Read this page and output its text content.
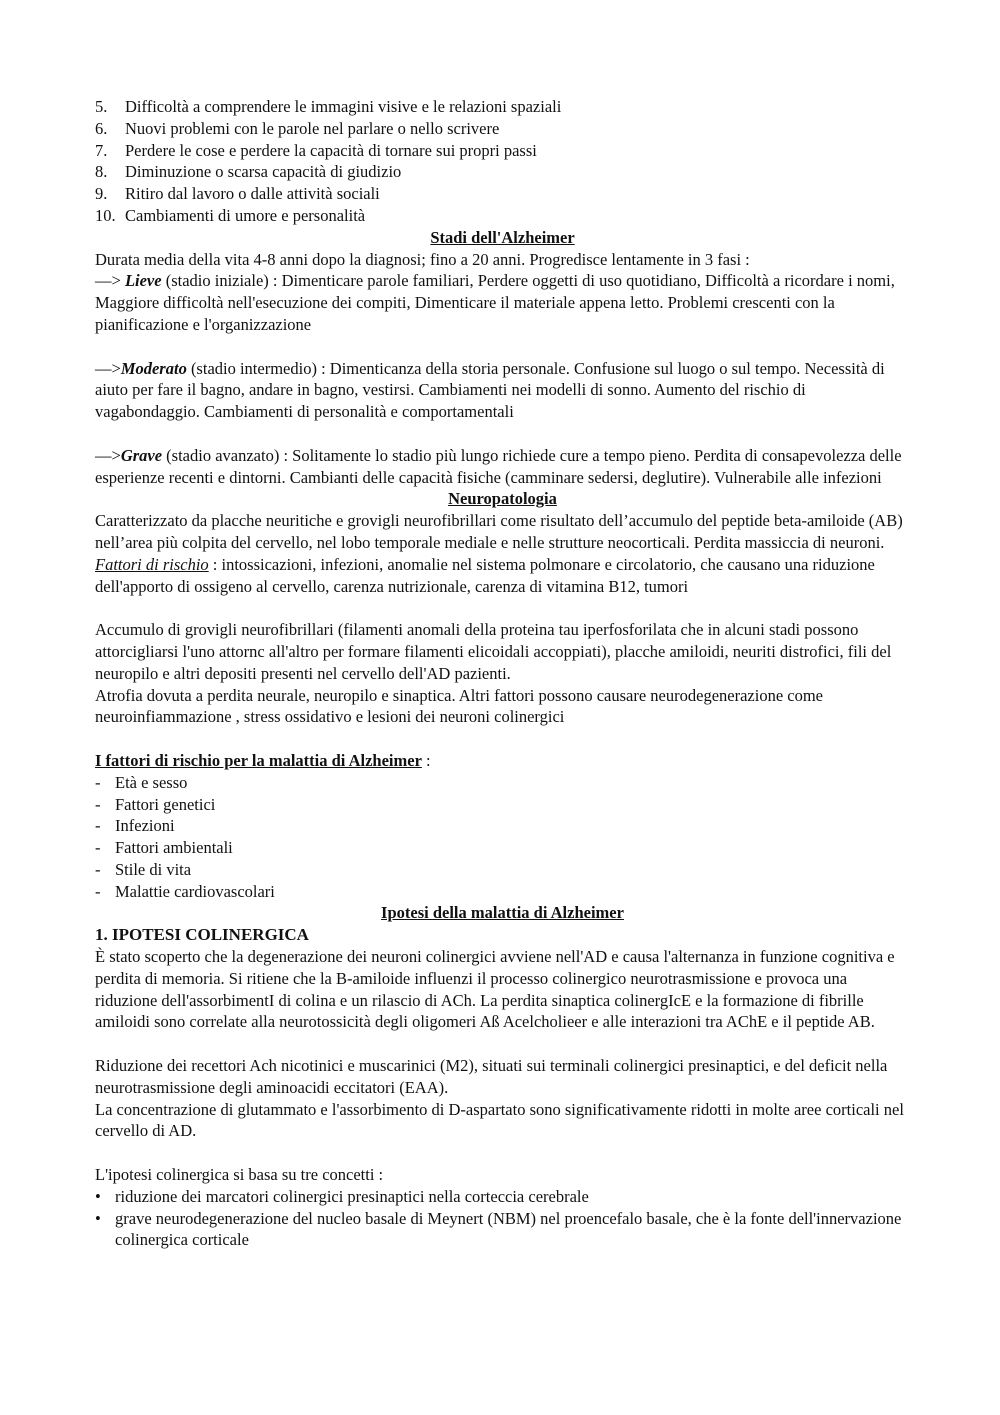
5.	Difficoltà a comprendere le immagini visive e le relazioni spaziali
6.	Nuovi problemi con le parole nel parlare o nello scrivere
7.	Perdere le cose e perdere la capacità di tornare sui propri passi
8.	Diminuzione o scarsa capacità di giudizio
9.	Ritiro dal lavoro o dalle attività sociali
10. Cambiamenti di umore e personalità

Stadi dell'Alzheimer

Durata media della vita 4-8 anni dopo la diagnosi; fino a 20 anni. Progredisce lentamente in 3 fasi :

—> Lieve (stadio iniziale) : Dimenticare parole familiari, Perdere oggetti di uso quotidiano, Difficoltà a ricordare i nomi, Maggiore difficoltà nell'esecuzione dei compiti, Dimenticare il materiale appena letto. Problemi crescenti con la pianificazione e l'organizzazione

—>Moderato (stadio intermedio) : Dimenticanza della storia personale. Confusione sul luogo o sul tempo. Necessità di aiuto per fare il bagno, andare in bagno, vestirsi. Cambiamenti nei modelli di sonno. Aumento del rischio di vagabondaggio. Cambiamenti di personalità e comportamentali

—>Grave (stadio avanzato) : Solitamente lo stadio più lungo richiede cure a tempo pieno. Perdita di consapevolezza delle esperienze recenti e dintorni. Cambianti delle capacità fisiche (camminare sedersi, deglutire). Vulnerabile alle infezioni

Neuropatologia

Caratterizzato da placche neuritiche e grovigli neurofibrillari come risultato dell’accumulo del peptide beta-amiloide (AB) nell’area più colpita del cervello, nel lobo temporale mediale e nelle strutture neocorticali. Perdita massiccia di neuroni.

Fattori di rischio : intossicazioni, infezioni, anomalie nel sistema polmonare e circolatorio, che causano una riduzione dell'apporto di ossigeno al cervello, carenza nutrizionale, carenza di vitamina B12, tumori

Accumulo di grovigli neurofibrillari (filamenti anomali della proteina tau iperfosforilata che in alcuni stadi possono attorcigliarsi l'uno attornc all'altro per formare filamenti elicoidali accoppiati), placche amiloidi, neuriti distrofici, fili del neuropilo e altri depositi presenti nel cervello dell'AD pazienti.

Atrofia dovuta a perdita neurale, neuropilo e sinaptica. Altri fattori possono causare neurodegenerazione come neuroinfiammazione , stress ossidativo e lesioni dei neuroni colinergici

I fattori di rischio per la malattia di Alzheimer :

- Età e sesso
- Fattori genetici
- Infezioni
- Fattori ambientali
- Stile di vita
- Malattie cardiovascolari

Ipotesi della malattia di Alzheimer

1. IPOTESI COLINERGICA

È stato scoperto che la degenerazione dei neuroni colinergici avviene nell'AD e causa l'alternanza in funzione cognitiva e perdita di memoria. Si ritiene che la B-amiloide influenzi il processo colinergico neurotrasmissione e provoca una riduzione dell'assorbimentI di colina e un rilascio di ACh. La perdita sinaptica colinergIcE e la formazione di fibrille amiloidi sono correlate alla neurotossicità degli oligomeri Aß Acelcholieer e alle interazioni tra AChE e il peptide AB.

Riduzione dei recettori Ach nicotinici e muscarinici (M2), situati sui terminali colinergici presinaptici, e del deficit nella neurotrasmissione degli aminoacidi eccitatori (EAA).

La concentrazione di glutammato e l'assorbimento di D-aspartato sono significativamente ridotti in molte aree corticali nel cervello di AD.

L'ipotesi colinergica si basa su tre concetti :

• riduzione dei marcatori colinergici presinaptici nella corteccia cerebrale
• grave neurodegenerazione del nucleo basale di Meynert (NBM) nel proencefalo basale, che è la fonte dell'innervazione colinergica corticale
